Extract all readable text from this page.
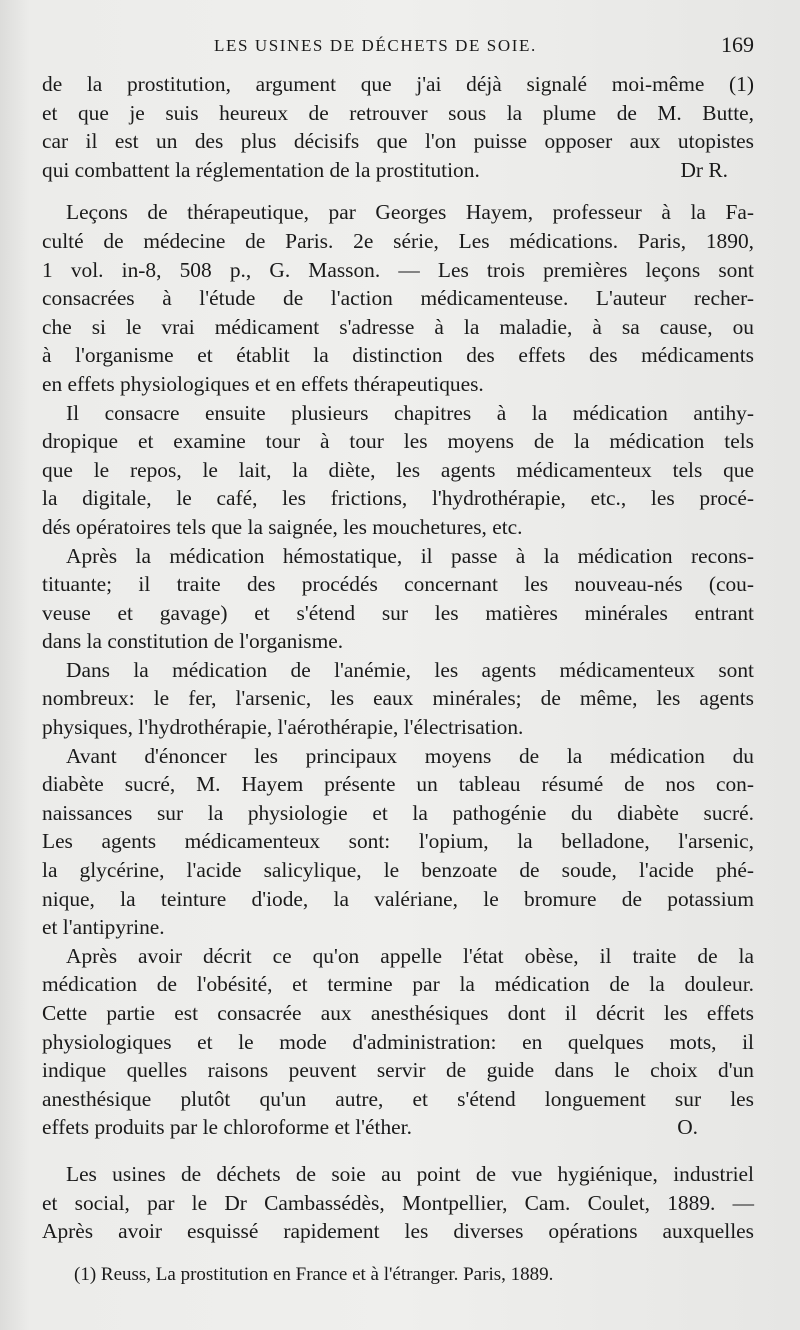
LES USINES DE DÉCHETS DE SOIE.	169
de la prostitution, argument que j'ai déjà signalé moi-même (1)
et que je suis heureux de retrouver sous la plume de M. Butte,
car il est un des plus décisifs que l'on puisse opposer aux utopistes
qui combattent la réglementation de la prostitution.	Dr R.
Leçons de thérapeutique, par Georges Hayem, professeur à la Fa-
culté de médecine de Paris. 2e série, Les médications. Paris, 1890,
1 vol. in-8, 508 p., G. Masson. — Les trois premières leçons sont
consacrées à l'étude de l'action médicamenteuse. L'auteur recher-
che si le vrai médicament s'adresse à la maladie, à sa cause, ou
à l'organisme et établit la distinction des effets des médicaments
en effets physiologiques et en effets thérapeutiques.
Il consacre ensuite plusieurs chapitres à la médication antihy-
dropique et examine tour à tour les moyens de la médication tels
que le repos, le lait, la diète, les agents médicamenteux tels que
la digitale, le café, les frictions, l'hydrothérapie, etc., les procé-
dés opératoires tels que la saignée, les mouchetures, etc.
Après la médication hémostatique, il passe à la médication recons-
tituante; il traite des procédés concernant les nouveau-nés (cou-
veuse et gavage) et s'étend sur les matières minérales entrant
dans la constitution de l'organisme.
Dans la médication de l'anémie, les agents médicamenteux sont
nombreux: le fer, l'arsenic, les eaux minérales; de même, les agents
physiques, l'hydrothérapie, l'aérothérapie, l'électrisation.
Avant d'énoncer les principaux moyens de la médication du
diabète sucré, M. Hayem présente un tableau résumé de nos con-
naissances sur la physiologie et la pathogénie du diabète sucré.
Les agents médicamenteux sont: l'opium, la belladone, l'arsenic,
la glycérine, l'acide salicylique, le benzoate de soude, l'acide phé-
nique, la teinture d'iode, la valériane, le bromure de potassium
et l'antipyrine.
Après avoir décrit ce qu'on appelle l'état obèse, il traite de la
médication de l'obésité, et termine par la médication de la douleur.
Cette partie est consacrée aux anesthésiques dont il décrit les effets
physiologiques et le mode d'administration: en quelques mots, il
indique quelles raisons peuvent servir de guide dans le choix d'un
anesthésique plutôt qu'un autre, et s'étend longuement sur les
effets produits par le chloroforme et l'éther.	O.
Les usines de déchets de soie au point de vue hygiénique, industriel
et social, par le Dr Cambassédès, Montpellier, Cam. Coulet, 1889. —
Après avoir esquissé rapidement les diverses opérations auxquelles
(1) Reuss, La prostitution en France et à l'étranger. Paris, 1889.
